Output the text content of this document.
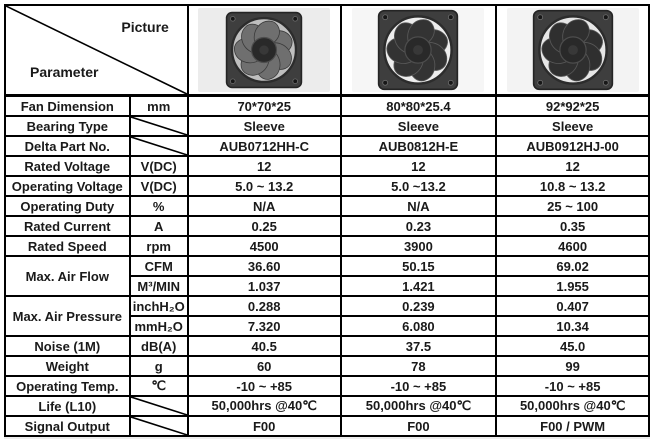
Picture
Parameter

Fan Dimension	mm	70*70*25	80*80*25.4	92*92*25
Bearing Type		Sleeve	Sleeve	Sleeve
Delta Part No.		AUB0712HH-C	AUB0812H-E	AUB0912HJ-00
Rated Voltage	V(DC)	12	12	12
Operating Voltage	V(DC)	5.0 ~ 13.2	5.0 ~13.2	10.8 ~ 13.2
Operating Duty	%	N/A	N/A	25 ~ 100
Rated Current	A	0.25	0.23	0.35
Rated Speed	rpm	4500	3900	4600
Max. Air Flow	CFM	36.60	50.15	69.02
	M³/MIN	1.037	1.421	1.955
Max. Air Pressure	inchH₂O	0.288	0.239	0.407
	mmH₂O	7.320	6.080	10.34
Noise (1M)	dB(A)	40.5	37.5	45.0
Weight	g	60	78	99
Operating Temp.	℃	-10 ~ +85	-10 ~ +85	-10 ~ +85
Life (L10)		50,000hrs @40℃	50,000hrs @40℃	50,000hrs @40℃
Signal Output		F00	F00	F00 / PWM
